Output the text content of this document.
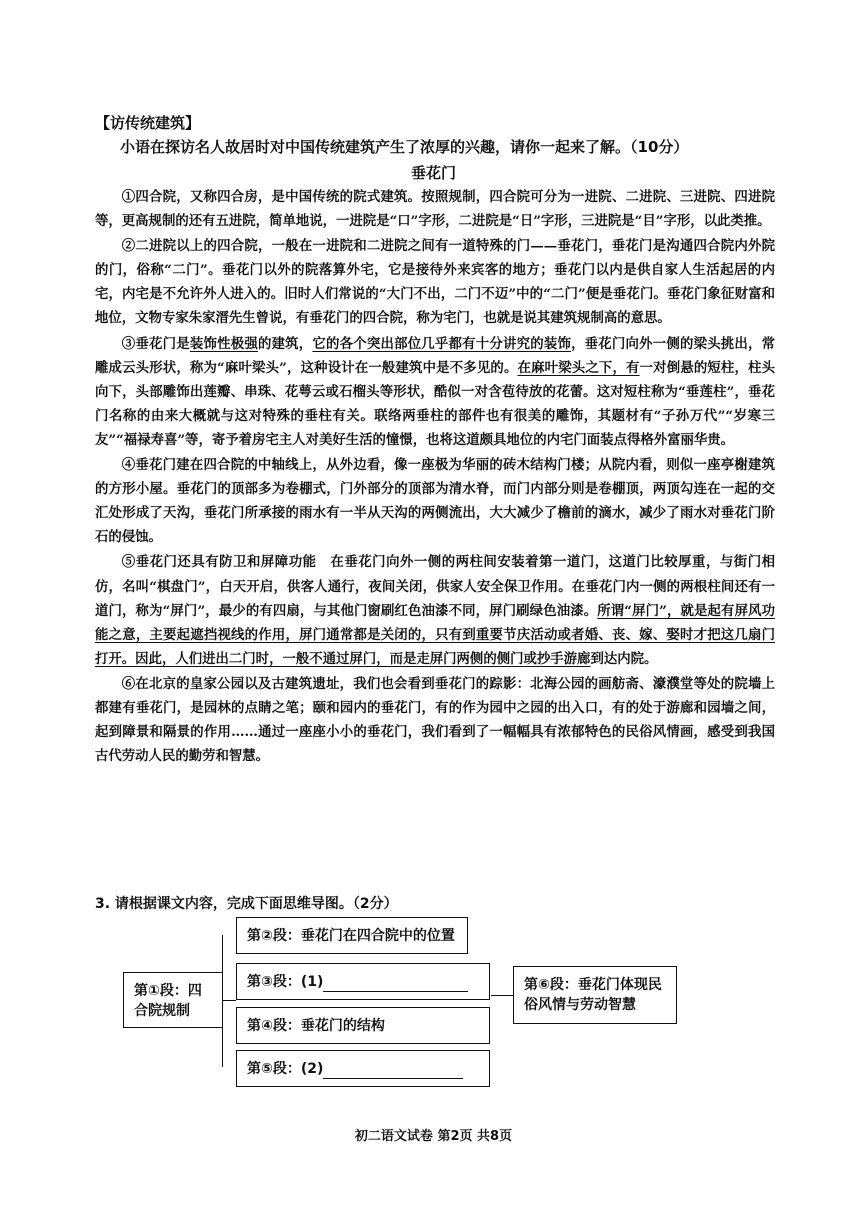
【访传统建筑】
小语在探访名人故居时对中国传统建筑产生了浓厚的兴趣，请你一起来了解。（10分）
垂花门

①四合院，又称四合房，是中国传统的院式建筑。按照规制，四合院可分为一进院、二进院、三进院、四进院等，更高规制的还有五进院，简单地说，一进院是“口”字形，二进院是“日”字形，三进院是“目”字形，以此类推。

②二进院以上的四合院，一般在一进院和二进院之间有一道特殊的门——垂花门，垂花门是沟通四合院内外院的门，俗称“二门”。垂花门以外的院落算外宅，它是接待外来宾客的地方；垂花门以内是供自家人生活起居的内宅，内宅是不允许外人进入的。旧时人们常说的“大门不出，二门不迈”中的“二门”便是垂花门。垂花门象征财富和地位，文物专家朱家溍先生曾说，有垂花门的四合院，称为宅门，也就是说其建筑规制高的意思。

③垂花门是装饰性极强的建筑，它的各个突出部位几乎都有十分讲究的装饰，垂花门向外一侧的梁头挑出，常雕成云头形状，称为“麻叶梁头”，这种设计在一般建筑中是不多见的。在麻叶梁头之下，有一对倒悬的短柱，柱头向下，头部雕饰出莲瓣、串珠、花萼云或石榴头等形状，酷似一对含苞待放的花蕾。这对短柱称为“垂莲柱”，垂花门名称的由来大概就与这对特殊的垂柱有关。联络两垂柱的部件也有很美的雕饰，其题材有“子孙万代”“岁寒三友”“福禄寿喜”等，寄予着房宅主人对美好生活的憧憬，也将这道颇具地位的内宅门面装点得格外富丽华贵。

④垂花门建在四合院的中轴线上，从外边看，像一座极为华丽的砖木结构门楼；从院内看，则似一座亭榭建筑的方形小屋。垂花门的顶部多为卷棚式，门外部分的顶部为清水脊，而门内部分则是卷棚顶，两顶勾连在一起的交汇处形成了天沟，垂花门所承接的雨水有一半从天沟的两侧流出，大大减少了檐前的滴水，减少了雨水对垂花门阶石的侵蚀。

⑤垂花门还具有防卫和屏障功能　在垂花门向外一侧的两柱间安装着第一道门，这道门比较厚重，与街门相仿，名叫“棋盘门”，白天开启，供客人通行，夜间关闭，供家人安全保卫作用。在垂花门内一侧的两根柱间还有一道门，称为“屏门”，最少的有四扇，与其他门窗刷红色油漆不同，屏门刷绿色油漆。所谓“屏门”，就是起有屏风功能之意，主要起遮挡视线的作用，屏门通常都是关闭的，只有到重要节庆活动或者婚、丧、嫁、娶时才把这几扇门打开。因此，人们进出二门时，一般不通过屏门，而是走屏门两侧的侧门或抄手游廊到达内院。

⑥在北京的皇家公园以及古建筑遗址，我们也会看到垂花门的踪影：北海公园的画舫斋、濠濮堂等处的院墙上都建有垂花门，是园林的点睛之笔；颐和园内的垂花门，有的作为园中之园的出入口，有的处于游廊和园墙之间，起到障景和隔景的作用……通过一座座小小的垂花门，我们看到了一幅幅具有浓郁特色的民俗风情画，感受到我国古代劳动人民的勤劳和智慧。

3. 请根据课文内容，完成下面思维导图。（2分）
第①段：四合院规制
第②段：垂花门在四合院中的位置
第③段：(1)
第④段：垂花门的结构
第⑤段：(2)
第⑥段：垂花门体现民俗风情与劳动智慧
初二语文试卷 第2页 共8页
